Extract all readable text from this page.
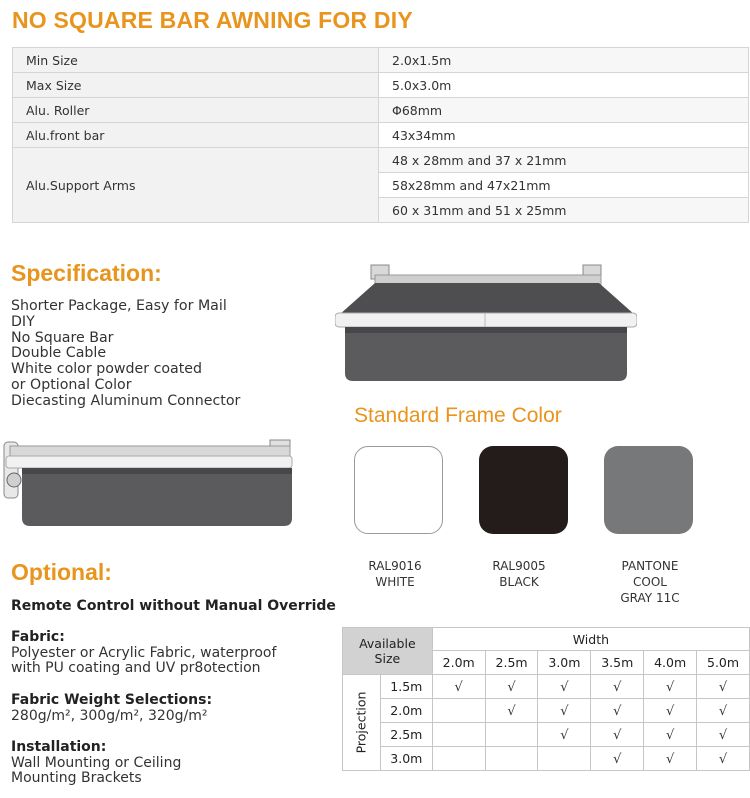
NO SQUARE BAR AWNING FOR DIY
Min Size	2.0x1.5m
Max Size	5.0x3.0m
Alu. Roller	Φ68mm
Alu.front bar	43x34mm
Alu.Support Arms	48 x 28mm and 37 x 21mm
	58x28mm and 47x21mm
	60 x 31mm and 51 x 25mm
Specification:
Shorter Package, Easy for Mail
DIY
No Square Bar
Double Cable
White color powder coated
or Optional Color
Diecasting Aluminum Connector
Standard Frame Color
RAL9016
WHITE
RAL9005
BLACK
PANTONE
COOL
GRAY 11C
Optional:
Remote Control without Manual Override
Fabric:
Polyester or Acrylic Fabric, waterproof
with PU coating and UV pr8otection
Fabric Weight Selections:
280g/m², 300g/m², 320g/m²
Installation:
Wall Mounting or Ceiling
Mounting Brackets
Available
Size		Width					
		2.0m	2.5m	3.0m	3.5m	4.0m	5.0m

Projection	1.5m	√	√	√	√	√	√
	2.0m		√	√	√	√	√
	2.5m			√	√	√	√
	3.0m				√	√	√
